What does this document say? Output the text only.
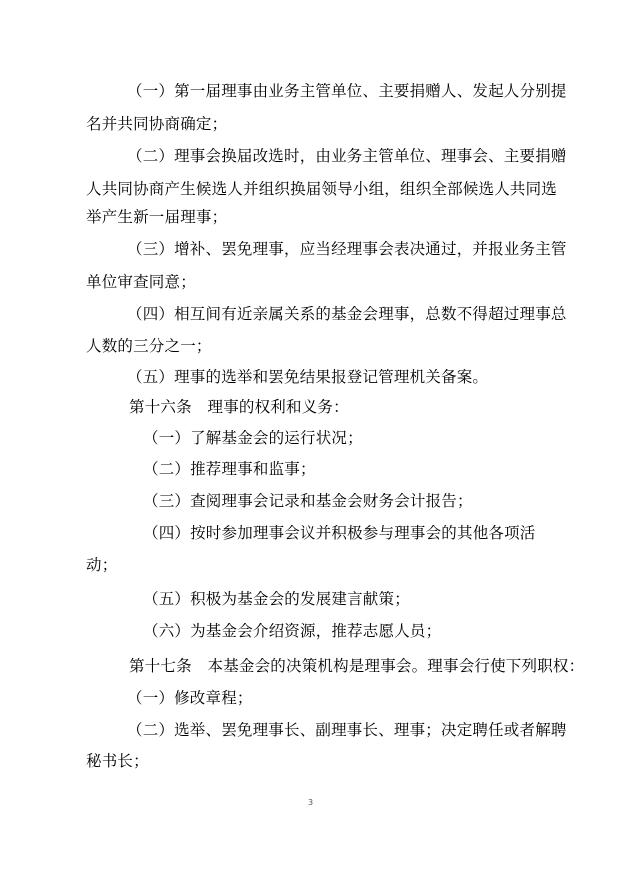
（一）第一届理事由业务主管单位、主要捐赠人、发起人分别提
名并共同协商确定；
（二）理事会换届改选时，由业务主管单位、理事会、主要捐赠
人共同协商产生候选人并组织换届领导小组，组织全部候选人共同选
举产生新一届理事；
（三）增补、罢免理事，应当经理事会表决通过，并报业务主管
单位审查同意；
（四）相互间有近亲属关系的基金会理事，总数不得超过理事总
人数的三分之一；
（五）理事的选举和罢免结果报登记管理机关备案。
第十六条　理事的权利和义务：
（一）了解基金会的运行状况；
（二）推荐理事和监事；
（三）查阅理事会记录和基金会财务会计报告；
（四）按时参加理事会议并积极参与理事会的其他各项活
动；
（五）积极为基金会的发展建言献策；
（六）为基金会介绍资源，推荐志愿人员；
第十七条　本基金会的决策机构是理事会。理事会行使下列职权：
（一）修改章程；
（二）选举、罢免理事长、副理事长、理事；决定聘任或者解聘
秘书长；
3
